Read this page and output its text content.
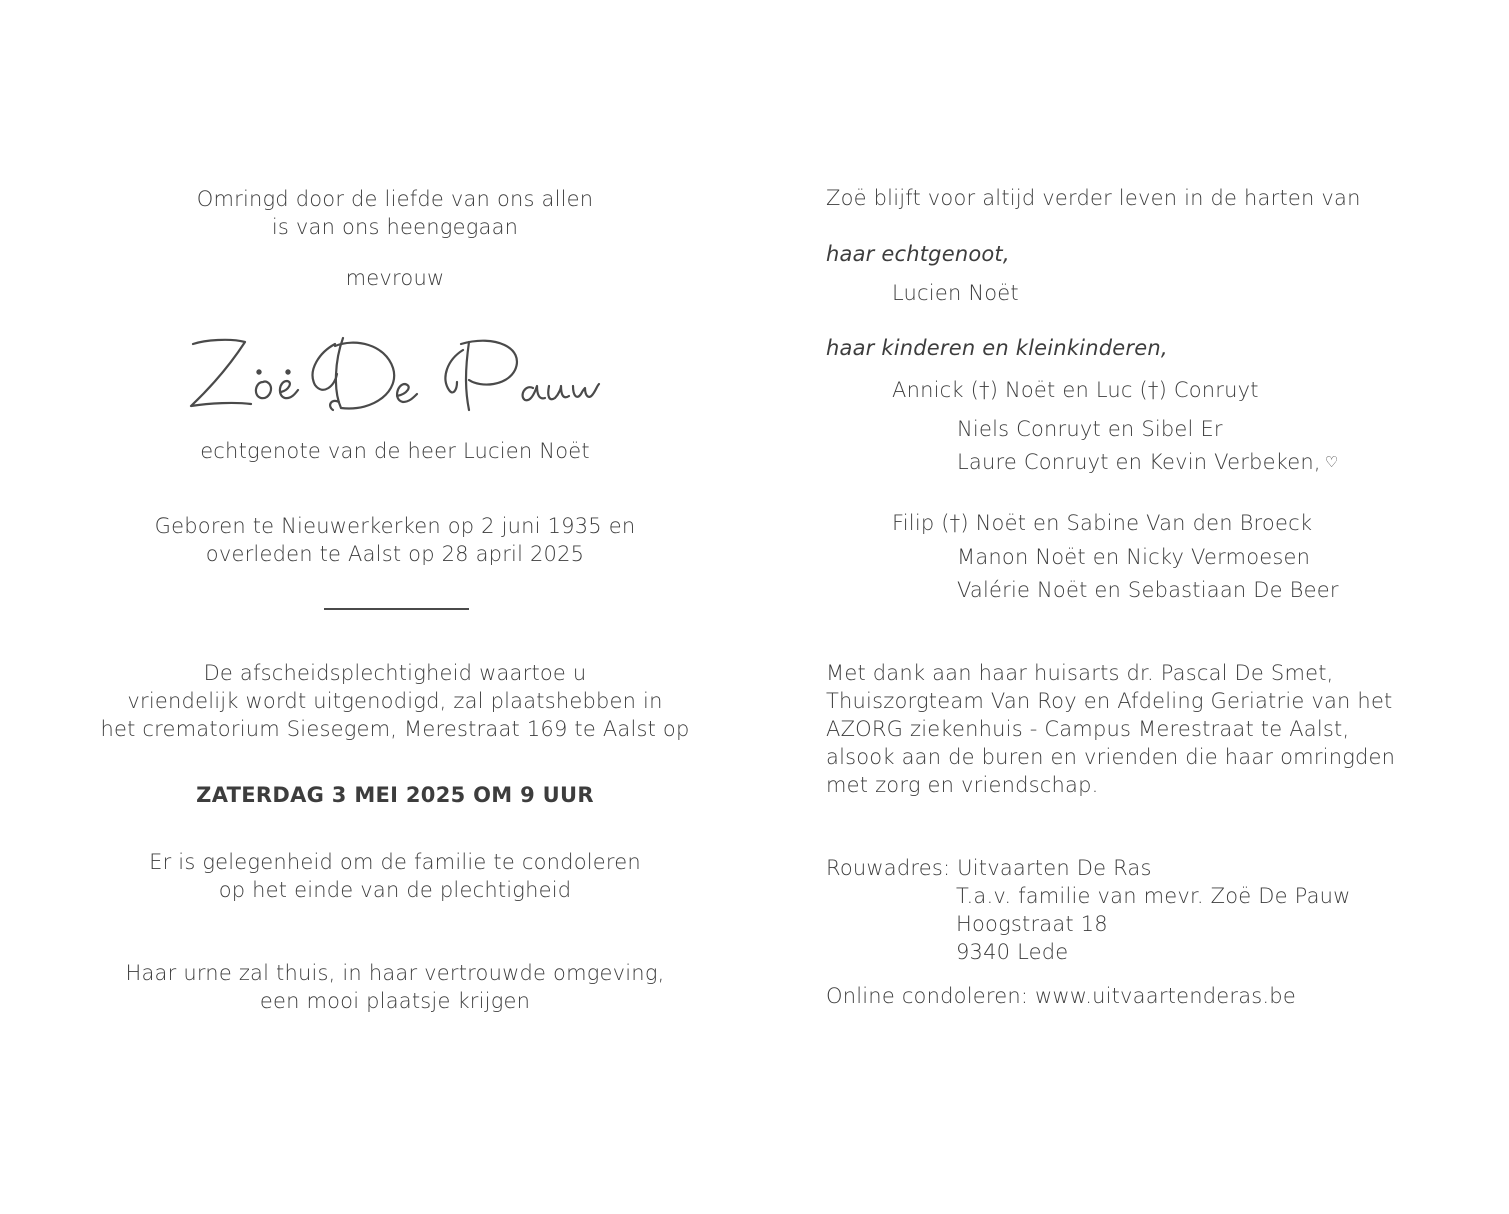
Omringd door de liefde van ons allen
is van ons heengegaan
mevrouw
echtgenote van de heer Lucien Noët
Geboren te Nieuwerkerken op 2 juni 1935 en
overleden te Aalst op 28 april 2025
De afscheidsplechtigheid waartoe u
vriendelijk wordt uitgenodigd, zal plaatshebben in
het crematorium Siesegem, Merestraat 169 te Aalst op
ZATERDAG 3 MEI 2025 OM 9 UUR
Er is gelegenheid om de familie te condoleren
op het einde van de plechtigheid
Haar urne zal thuis, in haar vertrouwde omgeving,
een mooi plaatsje krijgen
Zoë blijft voor altijd verder leven in de harten van
haar echtgenoot,
Lucien Noët
haar kinderen en kleinkinderen,
Annick (†) Noët en Luc (†) Conruyt
Niels Conruyt en Sibel Er
Laure Conruyt en Kevin Verbeken, ♡
Filip (†) Noët en Sabine Van den Broeck
Manon Noët en Nicky Vermoesen
Valérie Noët en Sebastiaan De Beer
Met dank aan haar huisarts dr. Pascal De Smet,
Thuiszorgteam Van Roy en Afdeling Geriatrie van het
AZORG ziekenhuis - Campus Merestraat te Aalst,
alsook aan de buren en vrienden die haar omringden
met zorg en vriendschap.
Rouwadres: Uitvaarten De Ras
T.a.v. familie van mevr. Zoë De Pauw
Hoogstraat 18
9340 Lede
Online condoleren: www.uitvaartenderas.be
